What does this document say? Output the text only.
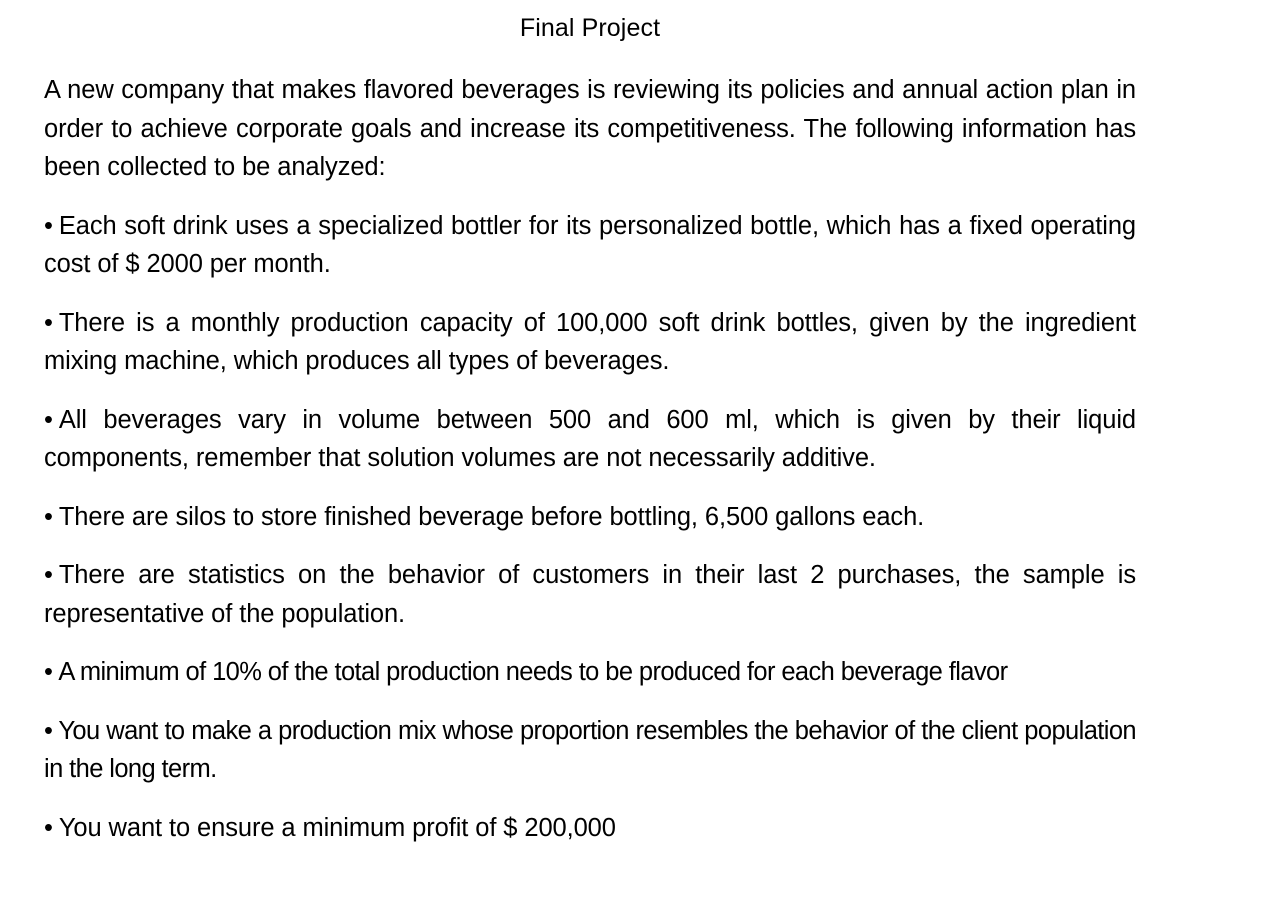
Final Project

A new company that makes flavored beverages is reviewing its policies and annual action plan in order to achieve corporate goals and increase its competitiveness. The following information has been collected to be analyzed:

• Each soft drink uses a specialized bottler for its personalized bottle, which has a fixed operating cost of $ 2000 per month.
• There is a monthly production capacity of 100,000 soft drink bottles, given by the ingredient mixing machine, which produces all types of beverages.
• All beverages vary in volume between 500 and 600 ml, which is given by their liquid components, remember that solution volumes are not necessarily additive.
• There are silos to store finished beverage before bottling, 6,500 gallons each.
• There are statistics on the behavior of customers in their last 2 purchases, the sample is representative of the population.
• A minimum of 10% of the total production needs to be produced for each beverage flavor
• You want to make a production mix whose proportion resembles the behavior of the client population in the long term.
• You want to ensure a minimum profit of $ 200,000
